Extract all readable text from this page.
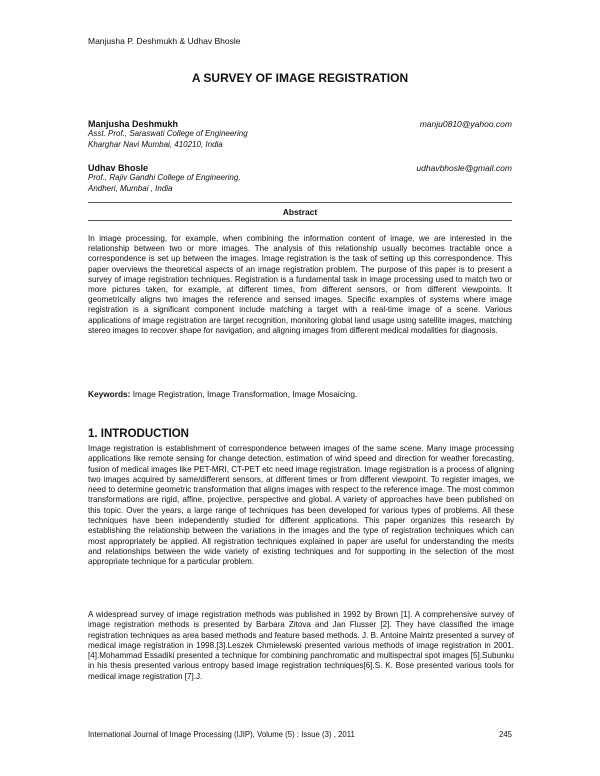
Manjusha P. Deshmukh & Udhav Bhosle
A SURVEY OF IMAGE REGISTRATION
Manjusha Deshmukh
Asst. Prof., Saraswati College of Engineering
Kharghar Navi Mumbai, 410210, India
manju0810@yahoo.com
Udhav Bhosle
Prof., Rajiv Gandhi College of Engineering,
Andheri, Mumbai , India
udhavbhosle@gmail.com
Abstract

In image processing, for example, when combining the information content of image, we are interested in the relationship between two or more images. The analysis of this relationship usually becomes tractable once a correspondence is set up between the images. Image registration is the task of setting up this correspondence. This paper overviews the theoretical aspects of an image registration problem. The purpose of this paper is to present a survey of image registration techniques. Registration is a fundamental task in image processing used to match two or more pictures taken, for example, at different times, from different sensors, or from different viewpoints. It geometrically aligns two images the reference and sensed images. Specific examples of systems where image registration is a significant component include matching a target with a real-time image of a scene. Various applications of image registration are target recognition, monitoring global land usage using satellite images, matching stereo images to recover shape for navigation, and aligning images from different medical modalities for diagnosis.

Keywords: Image Registration, Image Transformation, Image Mosaicing.

1. INTRODUCTION

Image registration is establishment of correspondence between images of the same scene. Many image processing applications like remote sensing for change detection, estimation of wind speed and direction for weather forecasting, fusion of medical images like PET-MRI, CT-PET etc need image registration. Image registration is a process of aligning two images acquired by same/different sensors, at different times or from different viewpoint. To register images, we need to determine geometric transformation that aligns images with respect to the reference image. The most common transformations are rigid, affine, projective, perspective and global. A variety of approaches have been published on this topic. Over the years, a large range of techniques has been developed for various types of problems. All these techniques have been independently studied for different applications. This paper organizes this research by establishing the relationship between the variations in the images and the type of registration techniques which can most appropriately be applied. All registration techniques explained in paper are useful for understanding the merits and relationships between the wide variety of existing techniques and for supporting in the selection of the most appropriate technique for a particular problem.

A widespread survey of image registration methods was published in 1992 by Brown [1]. A comprehensive survey of image registration methods is presented by Barbara Zitova and Jan Flusser [2]. They have classified the image registration techniques as area based methods and feature based methods. J. B. Antoine Maintz presented a survey of medical image registration in 1998.[3].Leszek Chmielewski presented various methods of image registration in 2001.[4].Mohammad Essadiki presented a technique for combining panchromatic and multispectral spot images [5].Subunku in his thesis presented various entropy based image registration techniques[6].S. K. Bose presented various tools for medical image registration [7].J.

International Journal of Image Processing (IJIP), Volume (5) : Issue (3) , 2011	245
